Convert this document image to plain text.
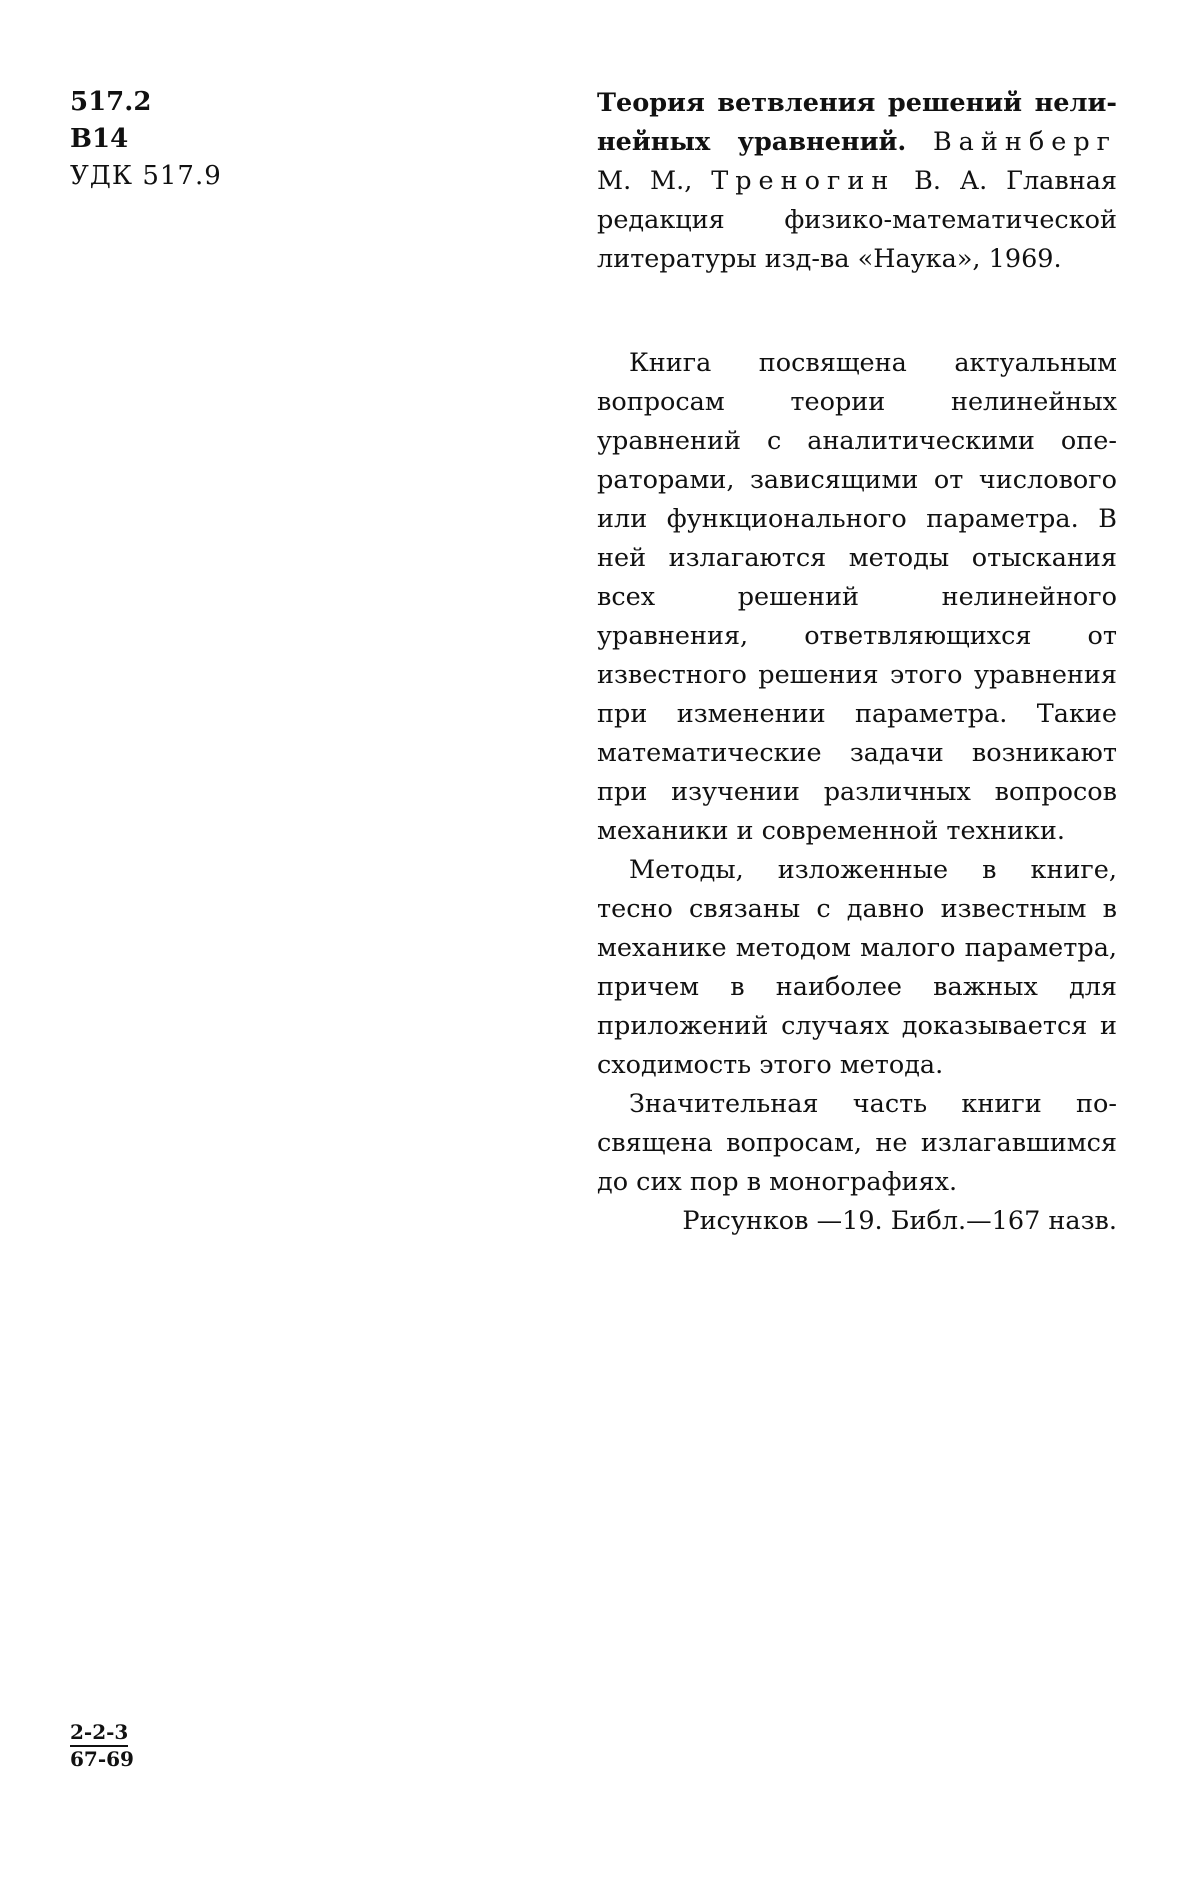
517.2
В14
УДК 517.9
Теория ветвления решений нелинейных уравнений. Вайнберг М. М., Треногин В. А. Главная редакция физико-математической литературы изд-ва «Наука», 1969.

Книга посвящена актуальным вопросам теории нелинейных уравнений с аналитическими операторами, зависящими от числового или функционального параметра. В ней излагаются методы отыскания всех решений нелинейного уравнения, ответвляющихся от известного решения этого уравнения при изменении параметра. Такие математические задачи возникают при изучении различных вопросов механики и современной техники.

Методы, изложенные в книге, тесно связаны с давно известным в механике методом малого параметра, причем в наиболее важных для приложений случаях доказывается и сходимость этого метода.

Значительная часть книги посвящена вопросам, не излагавшимся до сих пор в монографиях.

Рисунков —19. Библ.—167 назв.

$\frac{2-2-3}{67-69}$
